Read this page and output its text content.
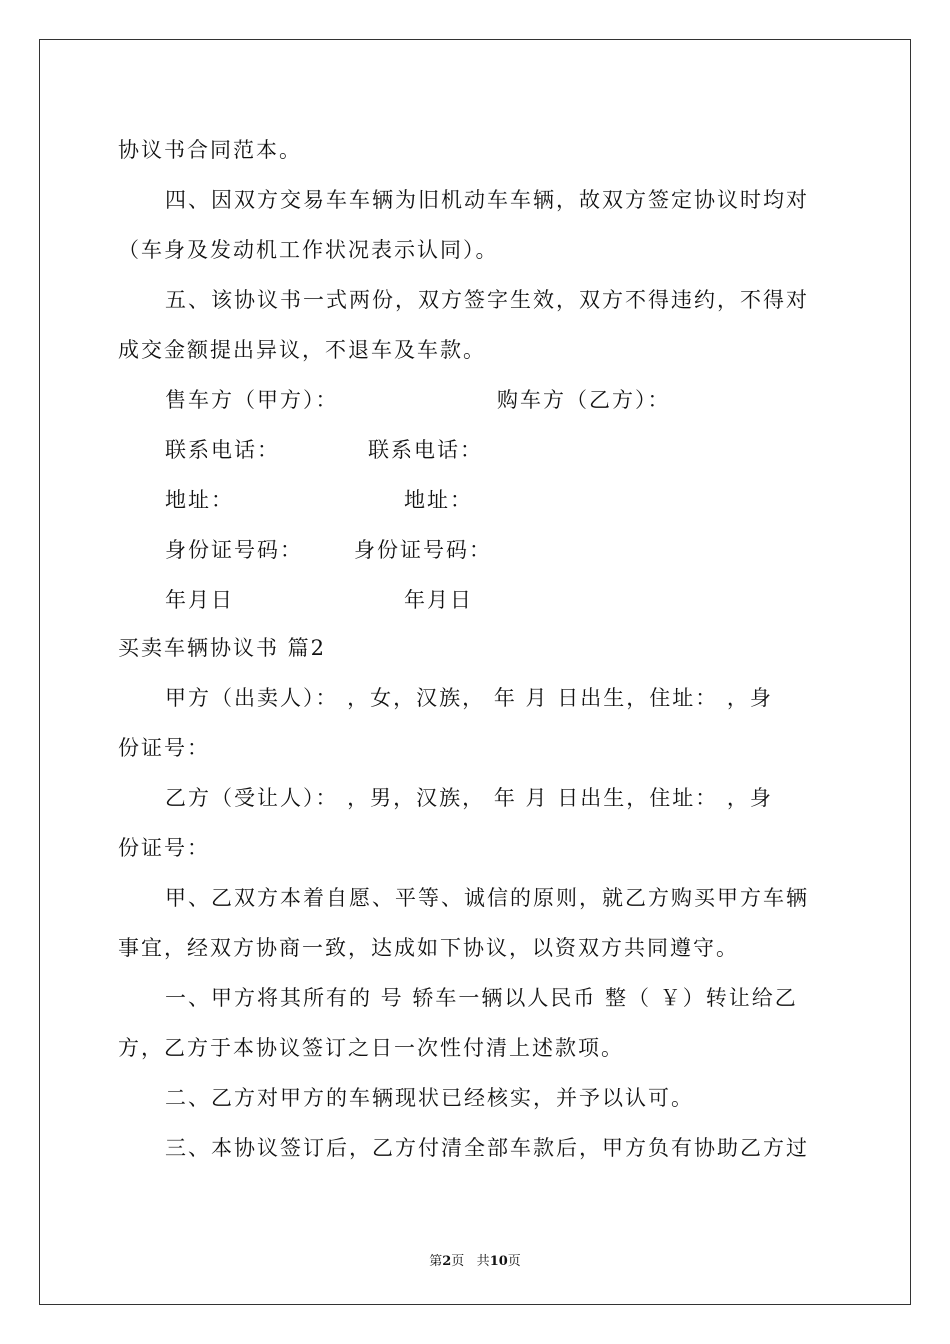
协议书合同范本。
四、因双方交易车车辆为旧机动车车辆，故双方签定协议时均对
（车身及发动机工作状况表示认同）。
五、该协议书一式两份，双方签字生效，双方不得违约，不得对
成交金额提出异议，不退车及车款。
售车方（甲方）：	购车方（乙方）：
联系电话：	联系电话：
地址：	地址：
身份证号码： 身份证号码：
年月日	年月日
买卖车辆协议书 篇2
甲方（出卖人）： ，女，汉族， 年 月 日出生，住址： ，身
份证号：
乙方（受让人）： ，男，汉族， 年 月 日出生，住址： ，身
份证号：
甲、乙双方本着自愿、平等、诚信的原则，就乙方购买甲方车辆
事宜，经双方协商一致，达成如下协议，以资双方共同遵守。
一、甲方将其所有的 号 轿车一辆以人民币 整（ ￥）转让给乙
方，乙方于本协议签订之日一次性付清上述款项。
二、乙方对甲方的车辆现状已经核实，并予以认可。
三、本协议签订后，乙方付清全部车款后，甲方负有协助乙方过
第2页 共10页
